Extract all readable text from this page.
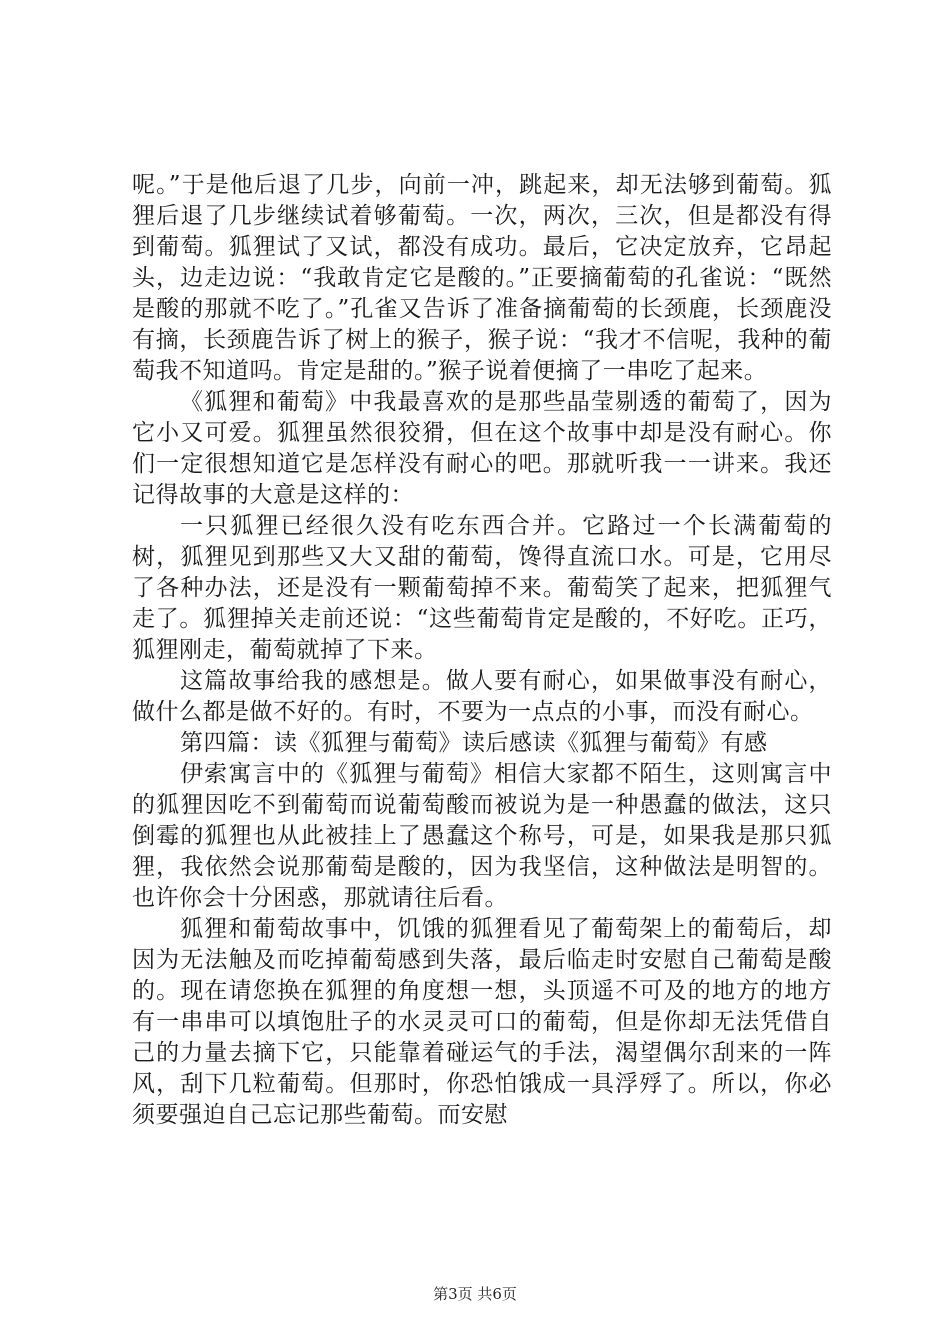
呢。”于是他后退了几步，向前一冲，跳起来，却无法够到葡萄。狐狸后退了几步继续试着够葡萄。一次，两次，三次，但是都没有得到葡萄。狐狸试了又试，都没有成功。最后，它决定放弃，它昂起头，边走边说：“我敢肯定它是酸的。”正要摘葡萄的孔雀说：“既然是酸的那就不吃了。”孔雀又告诉了准备摘葡萄的长颈鹿，长颈鹿没有摘，长颈鹿告诉了树上的猴子，猴子说：“我才不信呢，我种的葡萄我不知道吗。肯定是甜的。”猴子说着便摘了一串吃了起来。

《狐狸和葡萄》中我最喜欢的是那些晶莹剔透的葡萄了，因为它小又可爱。狐狸虽然很狡猾，但在这个故事中却是没有耐心。你们一定很想知道它是怎样没有耐心的吧。那就听我一一讲来。我还记得故事的大意是这样的：

一只狐狸已经很久没有吃东西合并。它路过一个长满葡萄的树，狐狸见到那些又大又甜的葡萄，馋得直流口水。可是，它用尽了各种办法，还是没有一颗葡萄掉不来。葡萄笑了起来，把狐狸气走了。狐狸掉关走前还说：“这些葡萄肯定是酸的，不好吃。正巧，狐狸刚走，葡萄就掉了下来。

这篇故事给我的感想是。做人要有耐心，如果做事没有耐心，做什么都是做不好的。有时，不要为一点点的小事，而没有耐心。

第四篇：读《狐狸与葡萄》读后感读《狐狸与葡萄》有感

伊索寓言中的《狐狸与葡萄》相信大家都不陌生，这则寓言中的狐狸因吃不到葡萄而说葡萄酸而被说为是一种愚蠢的做法，这只倒霉的狐狸也从此被挂上了愚蠢这个称号，可是，如果我是那只狐狸，我依然会说那葡萄是酸的，因为我坚信，这种做法是明智的。也许你会十分困惑，那就请往后看。

狐狸和葡萄故事中，饥饿的狐狸看见了葡萄架上的葡萄后，却因为无法触及而吃掉葡萄感到失落，最后临走时安慰自己葡萄是酸的。现在请您换在狐狸的角度想一想，头顶遥不可及的地方的地方有一串串可以填饱肚子的水灵灵可口的葡萄，但是你却无法凭借自己的力量去摘下它，只能靠着碰运气的手法，渴望偶尔刮来的一阵风，刮下几粒葡萄。但那时，你恐怕饿成一具浮殍了。所以，你必须要强迫自己忘记那些葡萄。而安慰

第3页 共6页
